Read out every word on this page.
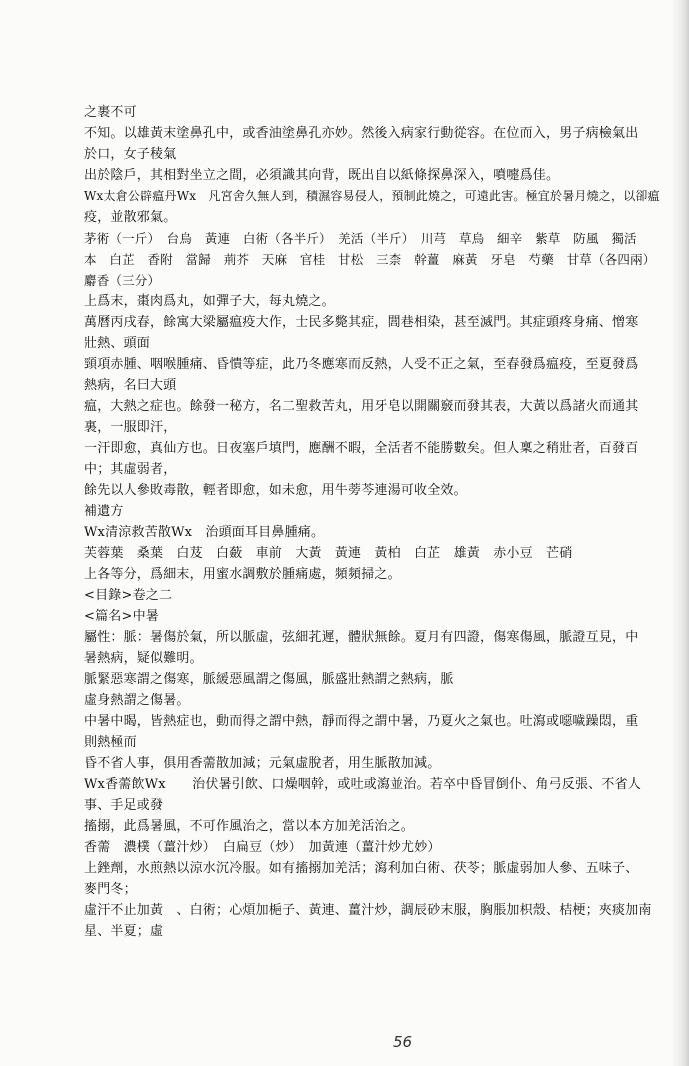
之裹不可
不知。以雄黃末塗鼻孔中，或香油塗鼻孔亦妙。然後入病家行動從容。在位而入，男子病檢氣出
於口，女子稜氣
出於陰戶，其相對坐立之間，必須識其向背，既出自以紙條探鼻深入，噴嚏爲佳。
Wx太倉公辟瘟丹Wx　凡宮舍久無人到，積濕容易侵人，預制此燒之，可遠此害。極宜於暑月燒之，以卻瘟
疫，並散邪氣。
茅術（一斤）　台烏　黃連　白術（各半斤）　羌活（半斤）　川芎　草烏　細辛　紫草　防風　獨活
本　白芷　香附　當歸　荊芥　天麻　官桂　甘松　三柰　幹薑　麻黃　牙皂　芍藥　甘草（各四兩）　麝香（三分）
上爲末，棗肉爲丸，如彈子大，每丸燒之。
萬曆丙戌春，餘寓大梁屬瘟疫大作，士民多斃其症，閭巷相染，甚至滅門。其症頭疼身痛、憎寒
壯熱、頭面
頸項赤腫、咽喉腫痛、昏憒等症，此乃冬應寒而反熱，人受不正之氣，至春發爲瘟疫，至夏發爲
熱病，名曰大頭
瘟，大熱之症也。餘發一秘方，名二聖救苦丸，用牙皂以開關竅而發其表，大黃以爲諸火而通其
裏，一服即汗，
一汗即愈，真仙方也。日夜塞戶填門，應酬不暇，全活者不能勝數矣。但人稟之稍壯者，百發百
中；其虛弱者，
餘先以人參敗毒散，輕者即愈，如未愈，用牛蒡芩連湯可收全效。
補遺方
Wx清涼救苦散Wx　治頭面耳目鼻腫痛。
芙蓉葉　桑葉　白芨　白蘞　車前　大黃　黃連　黃柏　白芷　雄黃　赤小豆　芒硝
上各等分，爲細末，用蜜水調敷於腫痛處，頻頻掃之。
<目錄>卷之二
<篇名>中暑
屬性：脈：暑傷於氣，所以脈虛，弦細芤遲，體狀無餘。夏月有四證，傷寒傷風，脈證互見，中
暑熱病，疑似難明。
脈緊惡寒謂之傷寒，脈緩惡風謂之傷風，脈盛壯熱謂之熱病，脈
虛身熱謂之傷暑。
中暑中暍，皆熱症也，動而得之謂中熱，靜而得之謂中暑，乃夏火之氣也。吐瀉或噁噦躁悶，重
則熱極而
昏不省人事，俱用香薷散加減；元氣虛脫者，用生脈散加減。
Wx香薷飲Wx　　治伏暑引飲、口燥咽幹，或吐或瀉並治。若卒中昏冒倒仆、角弓反張、不省人
事、手足或發
搐搦，此爲暑風，不可作風治之，當以本方加羌活治之。
香薷　濃樸（薑汁炒）　白扁豆（炒）　加黃連（薑汁炒尤妙）
上銼劑，水煎熱以涼水沉冷服。如有搐搦加羌活；瀉利加白術、茯苓；脈虛弱加人參、五味子、
麥門冬；
虛汗不止加黃　、白術；心煩加梔子、黃連、薑汁炒，調辰砂末服，胸脹加枳殼、桔梗；夾痰加南
星、半夏；虛
56
